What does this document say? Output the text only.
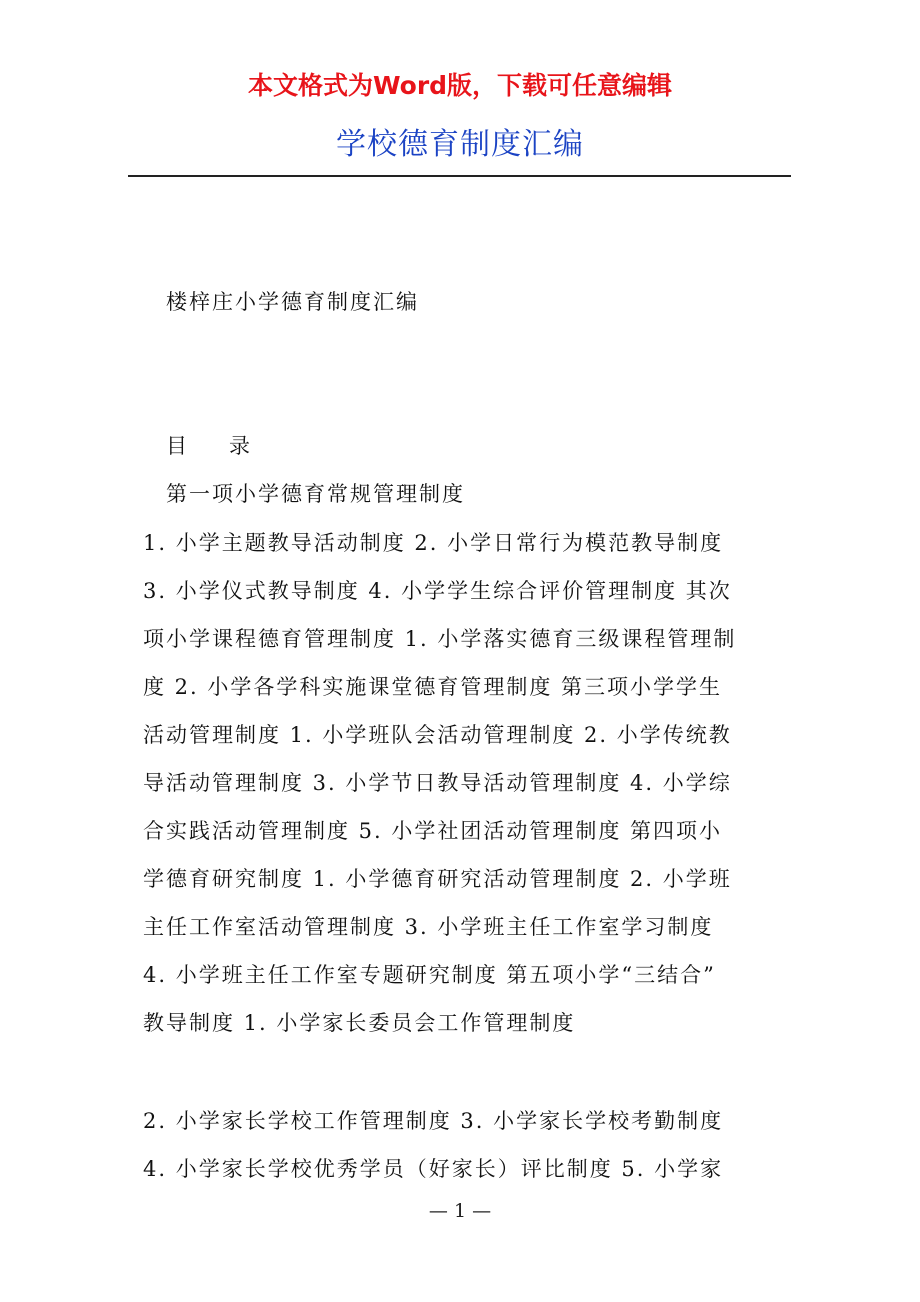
本文格式为Word版，下载可任意编辑
学校德育制度汇编
楼梓庄小学德育制度汇编
目　　录
第一项小学德育常规管理制度
1. 小学主题教导活动制度 2. 小学日常行为模范教导制度
3. 小学仪式教导制度 4. 小学学生综合评价管理制度 其次
项小学课程德育管理制度 1. 小学落实德育三级课程管理制
度 2. 小学各学科实施课堂德育管理制度 第三项小学学生
活动管理制度 1. 小学班队会活动管理制度 2. 小学传统教
导活动管理制度 3. 小学节日教导活动管理制度 4. 小学综
合实践活动管理制度 5. 小学社团活动管理制度 第四项小
学德育研究制度 1. 小学德育研究活动管理制度 2. 小学班
主任工作室活动管理制度 3. 小学班主任工作室学习制度
4. 小学班主任工作室专题研究制度 第五项小学“三结合”
教导制度 1. 小学家长委员会工作管理制度
2. 小学家长学校工作管理制度 3. 小学家长学校考勤制度
4. 小学家长学校优秀学员（好家长）评比制度 5. 小学家
— 1 —
